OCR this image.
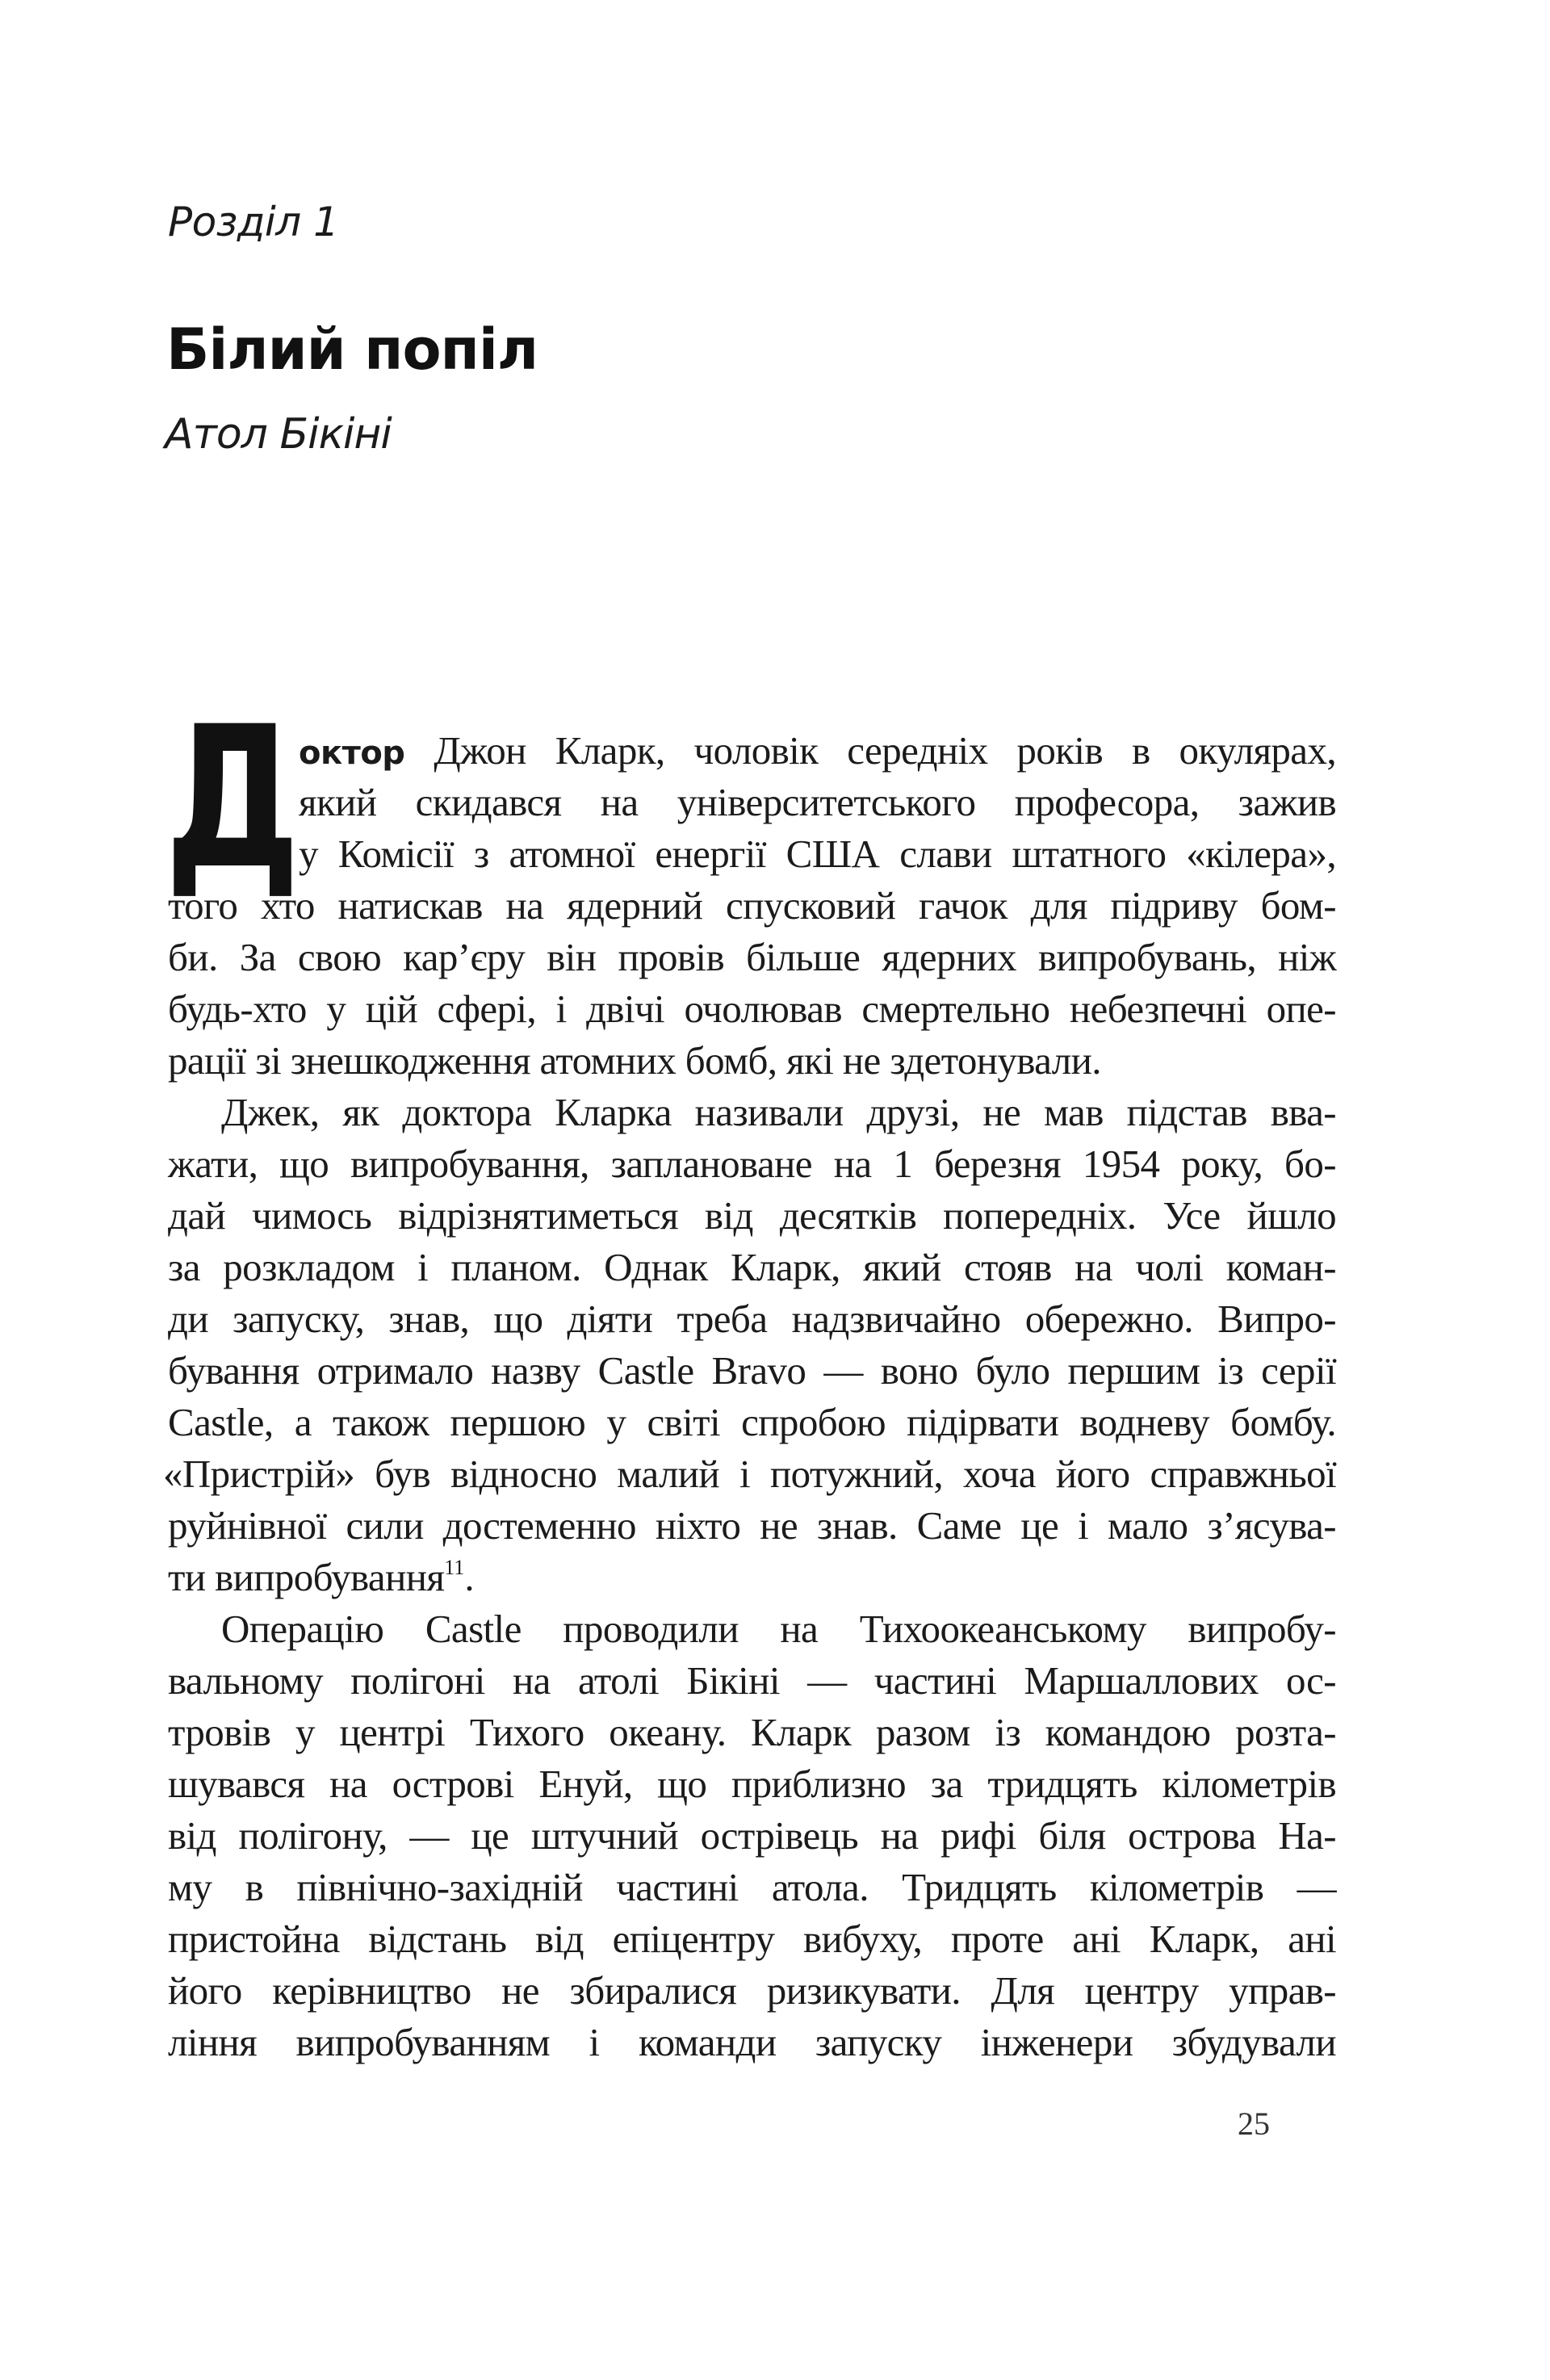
Розділ 1
Білий попіл
Атол Бікіні
Д
октор Джон Кларк, чоловік середніх років в окулярах,
який скидався на університетського професора, зажив
у Комісії з атомної енергії США слави штатного «кілера»,
того хто натискав на ядерний спусковий гачок для підриву бом-
би. За свою кар’єру він провів більше ядерних випробувань, ніж
будь-хто у цій сфері, і двічі очолював смертельно небезпечні опе-
рації зі знешкодження атомних бомб, які не здетонували.
Джек, як доктора Кларка називали друзі, не мав підстав вва-
жати, що випробування, заплановане на 1 березня 1954 року, бо-
дай чимось відрізнятиметься від десятків попередніх. Усе йшло
за розкладом і планом. Однак Кларк, який стояв на чолі коман-
ди запуску, знав, що діяти треба надзвичайно обережно. Випро-
бування отримало назву Castle Bravo — воно було першим із серії
Castle, а також першою у світі спробою підірвати водневу бомбу.
«Пристрій» був відносно малий і потужний, хоча його справжньої
руйнівної сили достеменно ніхто не знав. Саме це і мало з’ясува-
ти випробування$^{11}$.
Операцію Castle проводили на Тихоокеанському випробу-
вальному полігоні на атолі Бікіні — частині Маршаллових ос-
тровів у центрі Тихого океану. Кларк разом із командою розта-
шувався на острові Енуй, що приблизно за тридцять кілометрів
від полігону, — це штучний острівець на рифі біля острова На-
му в північно-західній частині атола. Тридцять кілометрів —
пристойна відстань від епіцентру вибуху, проте ані Кларк, ані
його керівництво не збиралися ризикувати. Для центру управ-
ління випробуванням і команди запуску інженери збудували
25
